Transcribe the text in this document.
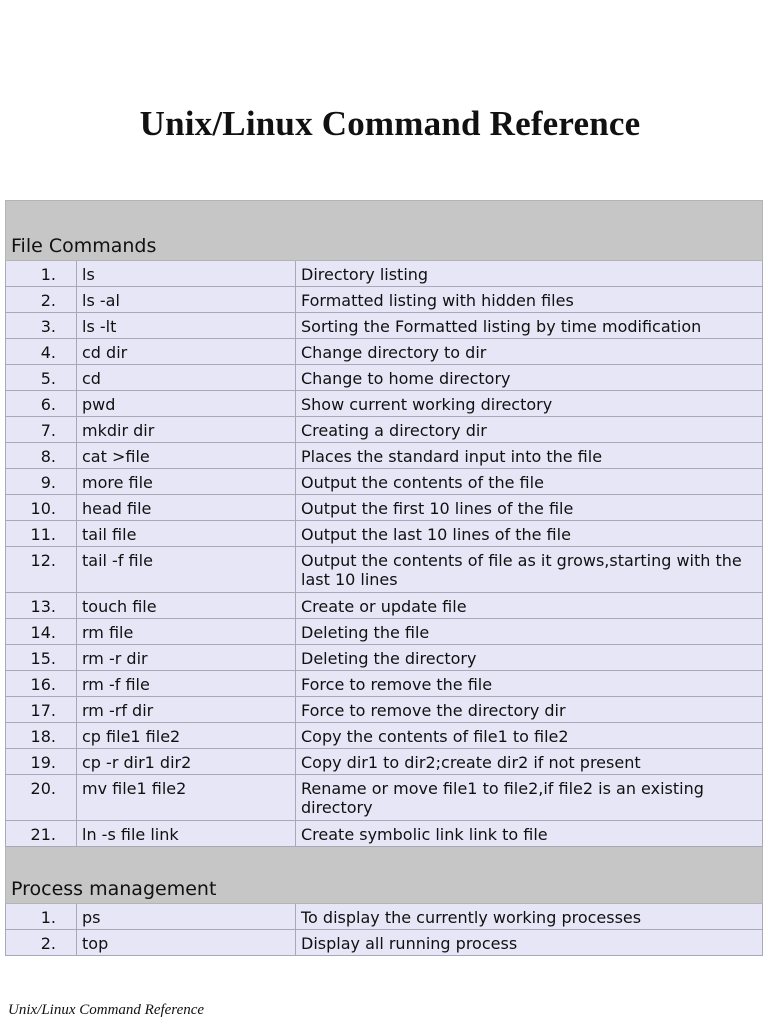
Unix/Linux Command Reference
File Commands		
1.	ls	Directory listing
2.	ls -al	Formatted listing with hidden files
3.	ls -lt	Sorting the Formatted listing by time modification
4.	cd dir	Change directory to dir
5.	cd	Change to home directory
6.	pwd	Show current working directory
7.	mkdir dir	Creating a directory dir
8.	cat >file	Places the standard input into the file
9.	more file	Output the contents of the file
10.	head file	Output the first 10 lines of the file
11.	tail file	Output the last 10 lines of the file
12.	tail -f file	Output the contents of file as it grows,starting with the last 10 lines
13.	touch file	Create or update file
14.	rm file	Deleting the file
15.	rm -r dir	Deleting the directory
16.	rm -f file	Force to remove the file
17.	rm -rf dir	Force to remove the directory dir
18.	cp file1 file2	Copy the contents of file1 to file2
19.	cp -r dir1 dir2	Copy dir1 to dir2;create dir2 if not present
20.	mv file1 file2	Rename or move file1 to file2,if file2 is an existing directory
21.	ln -s file link	Create symbolic link link to file
Process management		
1.	ps	To display the currently working processes
2.	top	Display all running process
Unix/Linux Command Reference
